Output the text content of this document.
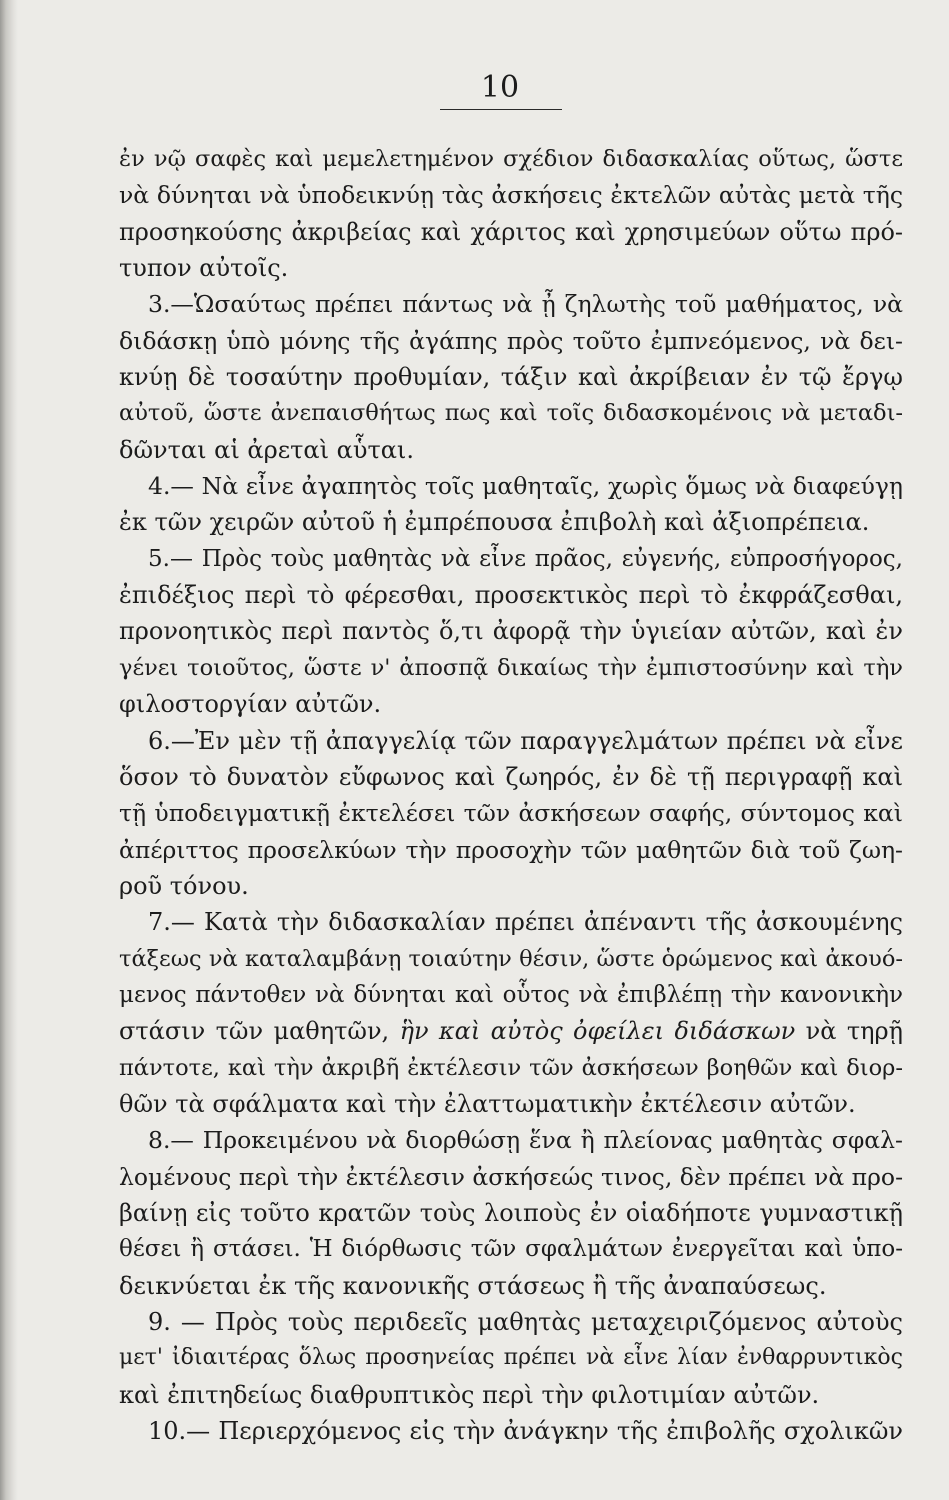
10
ἐν νῷ σαφὲς καὶ μεμελετημένον σχέδιον διδασκαλίας οὕτως, ὥστε
νὰ δύνηται νὰ ὑποδεικνύῃ τὰς ἀσκήσεις ἐκτελῶν αὐτὰς μετὰ τῆς
προσηκούσης ἀκριβείας καὶ χάριτος καὶ χρησιμεύων οὕτω πρό-
τυπον αὐτοῖς.
3.—Ὡσαύτως πρέπει πάντως νὰ ᾖ ζηλωτὴς τοῦ μαθήματος, νὰ
διδάσκῃ ὑπὸ μόνης τῆς ἀγάπης πρὸς τοῦτο ἐμπνεόμενος, νὰ δει-
κνύῃ δὲ τοσαύτην προθυμίαν, τάξιν καὶ ἀκρίβειαν ἐν τῷ ἔργῳ
αὐτοῦ, ὥστε ἀνεπαισθήτως πως καὶ τοῖς διδασκομένοις νὰ μεταδι-
δῶνται αἱ ἀρεταὶ αὗται.
4.— Νὰ εἶνε ἀγαπητὸς τοῖς μαθηταῖς, χωρὶς ὅμως νὰ διαφεύγῃ
ἐκ τῶν χειρῶν αὐτοῦ ἡ ἐμπρέπουσα ἐπιβολὴ καὶ ἀξιοπρέπεια.
5.— Πρὸς τοὺς μαθητὰς νὰ εἶνε πρᾶος, εὐγενής, εὐπροσήγορος,
ἐπιδέξιος περὶ τὸ φέρεσθαι, προσεκτικὸς περὶ τὸ ἐκφράζεσθαι,
προνοητικὸς περὶ παντὸς ὅ,τι ἀφορᾷ τὴν ὑγιείαν αὐτῶν, καὶ ἐν
γένει τοιοῦτος, ὥστε ν' ἀποσπᾷ δικαίως τὴν ἐμπιστοσύνην καὶ τὴν
φιλοστοργίαν αὐτῶν.
6.—Ἐν μὲν τῇ ἀπαγγελίᾳ τῶν παραγγελμάτων πρέπει νὰ εἶνε
ὅσον τὸ δυνατὸν εὔφωνος καὶ ζωηρός, ἐν δὲ τῇ περιγραφῇ καὶ
τῇ ὑποδειγματικῇ ἐκτελέσει τῶν ἀσκήσεων σαφής, σύντομος καὶ
ἀπέριττος προσελκύων τὴν προσοχὴν τῶν μαθητῶν διὰ τοῦ ζωη-
ροῦ τόνου.
7.— Κατὰ τὴν διδασκαλίαν πρέπει ἀπέναντι τῆς ἀσκουμένης
τάξεως νὰ καταλαμβάνῃ τοιαύτην θέσιν, ὥστε ὁρώμενος καὶ ἀκουό-
μενος πάντοθεν νὰ δύνηται καὶ οὗτος νὰ ἐπιβλέπῃ τὴν κανονικὴν
στάσιν τῶν μαθητῶν, ἣν καὶ αὐτὸς ὀφείλει διδάσκων νὰ τηρῇ
πάντοτε, καὶ τὴν ἀκριβῆ ἐκτέλεσιν τῶν ἀσκήσεων βοηθῶν καὶ διορ-
θῶν τὰ σφάλματα καὶ τὴν ἐλαττωματικὴν ἐκτέλεσιν αὐτῶν.
8.— Προκειμένου νὰ διορθώσῃ ἕνα ἢ πλείονας μαθητὰς σφαλ-
λομένους περὶ τὴν ἐκτέλεσιν ἀσκήσεώς τινος, δὲν πρέπει νὰ προ-
βαίνῃ εἰς τοῦτο κρατῶν τοὺς λοιποὺς ἐν οἱαδήποτε γυμναστικῇ
θέσει ἢ στάσει. Ἡ διόρθωσις τῶν σφαλμάτων ἐνεργεῖται καὶ ὑπο-
δεικνύεται ἐκ τῆς κανονικῆς στάσεως ἢ τῆς ἀναπαύσεως.
9. — Πρὸς τοὺς περιδεεῖς μαθητὰς μεταχειριζόμενος αὐτοὺς
μετ' ἰδιαιτέρας ὅλως προσηνείας πρέπει νὰ εἶνε λίαν ἐνθαρρυντικὸς
καὶ ἐπιτηδείως διαθρυπτικὸς περὶ τὴν φιλοτιμίαν αὐτῶν.
10.— Περιερχόμενος εἰς τὴν ἀνάγκην τῆς ἐπιβολῆς σχολικῶν
